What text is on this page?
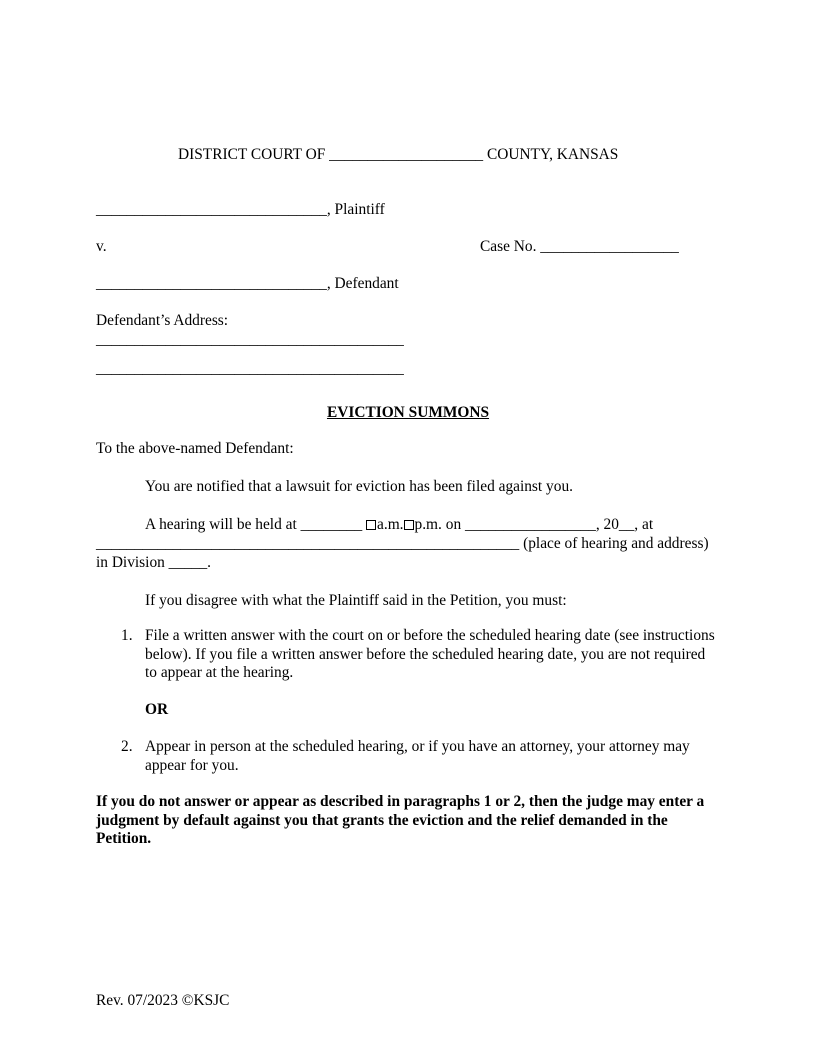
DISTRICT COURT OF ____________________ COUNTY, KANSAS
______________________________, Plaintiff
v.	Case No. __________________
______________________________, Defendant
Defendant’s Address:
________________________________________
________________________________________
EVICTION SUMMONS
To the above-named Defendant:
You are notified that a lawsuit for eviction has been filed against you.
A hearing will be held at ________ a.m. p.m. on _________________, 20__, at
_______________________________________________________ (place of hearing and address)
in Division _____.
If you disagree with what the Plaintiff said in the Petition, you must:
1. File a written answer with the court on or before the scheduled hearing date (see instructions below). If you file a written answer before the scheduled hearing date, you are not required to appear at the hearing.
OR
2. Appear in person at the scheduled hearing, or if you have an attorney, your attorney may appear for you.
If you do not answer or appear as described in paragraphs 1 or 2, then the judge may enter a judgment by default against you that grants the eviction and the relief demanded in the Petition.
Rev. 07/2023 ©KSJC
